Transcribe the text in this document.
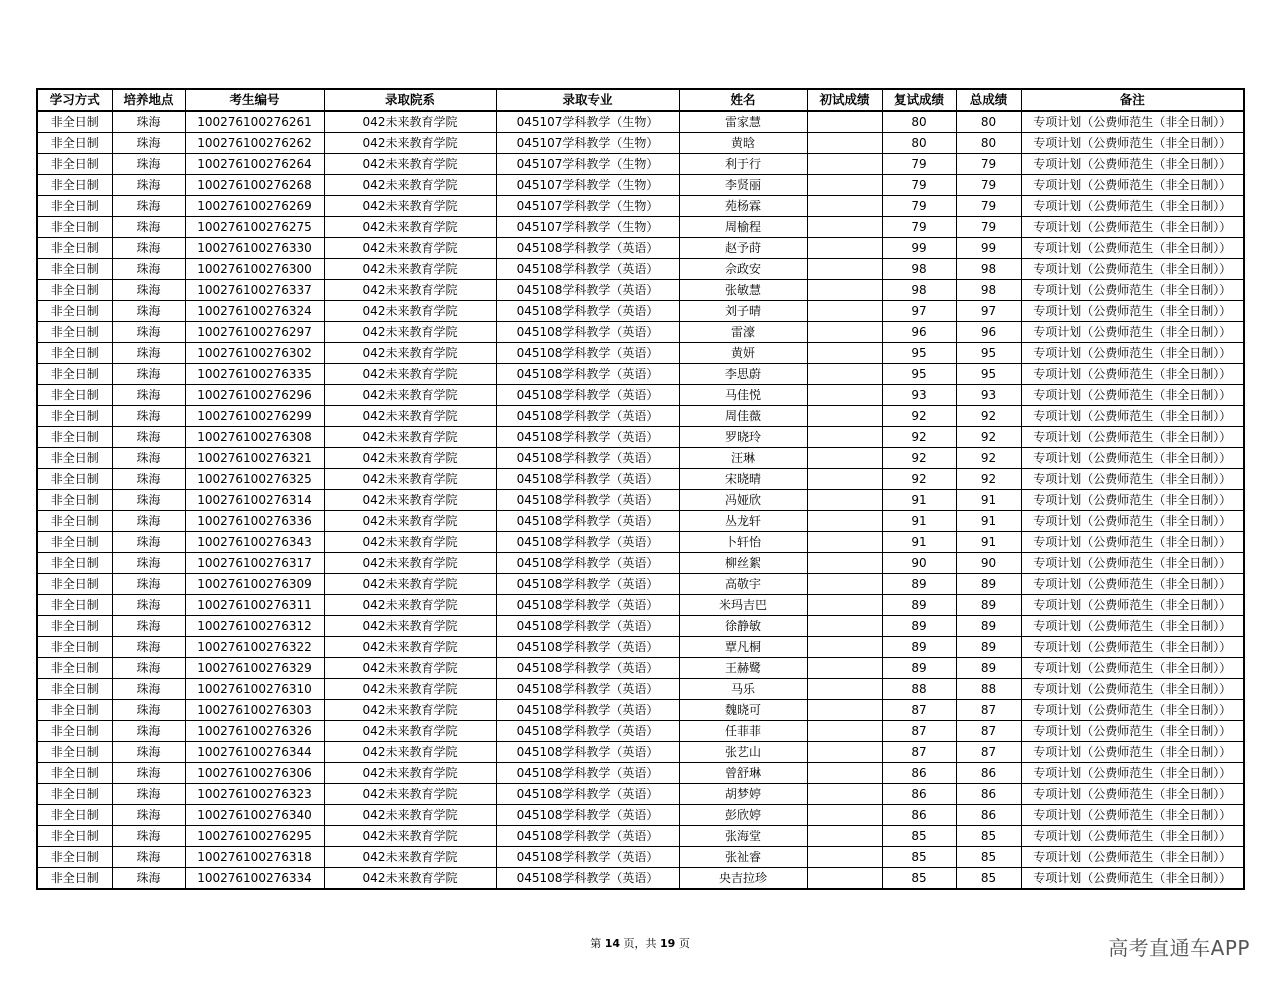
学习方式	培养地点	考生编号	录取院系	录取专业	姓名	初试成绩	复试成绩	总成绩	备注
非全日制	珠海	100276100276261	042未来教育学院	045107学科教学（生物）	雷家慧		80	80	专项计划（公费师范生（非全日制））
非全日制	珠海	100276100276262	042未来教育学院	045107学科教学（生物）	黄晗		80	80	专项计划（公费师范生（非全日制））
非全日制	珠海	100276100276264	042未来教育学院	045107学科教学（生物）	利于行		79	79	专项计划（公费师范生（非全日制））
非全日制	珠海	100276100276268	042未来教育学院	045107学科教学（生物）	李贤丽		79	79	专项计划（公费师范生（非全日制））
非全日制	珠海	100276100276269	042未来教育学院	045107学科教学（生物）	苑杨霖		79	79	专项计划（公费师范生（非全日制））
非全日制	珠海	100276100276275	042未来教育学院	045107学科教学（生物）	周榆程		79	79	专项计划（公费师范生（非全日制））
非全日制	珠海	100276100276330	042未来教育学院	045108学科教学（英语）	赵予莳		99	99	专项计划（公费师范生（非全日制））
非全日制	珠海	100276100276300	042未来教育学院	045108学科教学（英语）	佘政安		98	98	专项计划（公费师范生（非全日制））
非全日制	珠海	100276100276337	042未来教育学院	045108学科教学（英语）	张敏慧		98	98	专项计划（公费师范生（非全日制））
非全日制	珠海	100276100276324	042未来教育学院	045108学科教学（英语）	刘子晴		97	97	专项计划（公费师范生（非全日制））
非全日制	珠海	100276100276297	042未来教育学院	045108学科教学（英语）	雷濠		96	96	专项计划（公费师范生（非全日制））
非全日制	珠海	100276100276302	042未来教育学院	045108学科教学（英语）	黄妍		95	95	专项计划（公费师范生（非全日制））
非全日制	珠海	100276100276335	042未来教育学院	045108学科教学（英语）	李思蔚		95	95	专项计划（公费师范生（非全日制））
非全日制	珠海	100276100276296	042未来教育学院	045108学科教学（英语）	马佳悦		93	93	专项计划（公费师范生（非全日制））
非全日制	珠海	100276100276299	042未来教育学院	045108学科教学（英语）	周佳薇		92	92	专项计划（公费师范生（非全日制））
非全日制	珠海	100276100276308	042未来教育学院	045108学科教学（英语）	罗晓玲		92	92	专项计划（公费师范生（非全日制））
非全日制	珠海	100276100276321	042未来教育学院	045108学科教学（英语）	汪琳		92	92	专项计划（公费师范生（非全日制））
非全日制	珠海	100276100276325	042未来教育学院	045108学科教学（英语）	宋晓晴		92	92	专项计划（公费师范生（非全日制））
非全日制	珠海	100276100276314	042未来教育学院	045108学科教学（英语）	冯娅欣		91	91	专项计划（公费师范生（非全日制））
非全日制	珠海	100276100276336	042未来教育学院	045108学科教学（英语）	丛龙轩		91	91	专项计划（公费师范生（非全日制））
非全日制	珠海	100276100276343	042未来教育学院	045108学科教学（英语）	卜轩怡		91	91	专项计划（公费师范生（非全日制））
非全日制	珠海	100276100276317	042未来教育学院	045108学科教学（英语）	柳丝絮		90	90	专项计划（公费师范生（非全日制））
非全日制	珠海	100276100276309	042未来教育学院	045108学科教学（英语）	高敬宇		89	89	专项计划（公费师范生（非全日制））
非全日制	珠海	100276100276311	042未来教育学院	045108学科教学（英语）	米玛吉巴		89	89	专项计划（公费师范生（非全日制））
非全日制	珠海	100276100276312	042未来教育学院	045108学科教学（英语）	徐静敏		89	89	专项计划（公费师范生（非全日制））
非全日制	珠海	100276100276322	042未来教育学院	045108学科教学（英语）	覃凡桐		89	89	专项计划（公费师范生（非全日制））
非全日制	珠海	100276100276329	042未来教育学院	045108学科教学（英语）	王赫鹭		89	89	专项计划（公费师范生（非全日制））
非全日制	珠海	100276100276310	042未来教育学院	045108学科教学（英语）	马乐		88	88	专项计划（公费师范生（非全日制））
非全日制	珠海	100276100276303	042未来教育学院	045108学科教学（英语）	魏晓可		87	87	专项计划（公费师范生（非全日制））
非全日制	珠海	100276100276326	042未来教育学院	045108学科教学（英语）	任菲菲		87	87	专项计划（公费师范生（非全日制））
非全日制	珠海	100276100276344	042未来教育学院	045108学科教学（英语）	张艺山		87	87	专项计划（公费师范生（非全日制））
非全日制	珠海	100276100276306	042未来教育学院	045108学科教学（英语）	曾舒琳		86	86	专项计划（公费师范生（非全日制））
非全日制	珠海	100276100276323	042未来教育学院	045108学科教学（英语）	胡梦婷		86	86	专项计划（公费师范生（非全日制））
非全日制	珠海	100276100276340	042未来教育学院	045108学科教学（英语）	彭欣婷		86	86	专项计划（公费师范生（非全日制））
非全日制	珠海	100276100276295	042未来教育学院	045108学科教学（英语）	张海堂		85	85	专项计划（公费师范生（非全日制））
非全日制	珠海	100276100276318	042未来教育学院	045108学科教学（英语）	张祉睿		85	85	专项计划（公费师范生（非全日制））
非全日制	珠海	100276100276334	042未来教育学院	045108学科教学（英语）	央吉拉珍		85	85	专项计划（公费师范生（非全日制））
第 14 页，共 19 页	高考直通车APP
